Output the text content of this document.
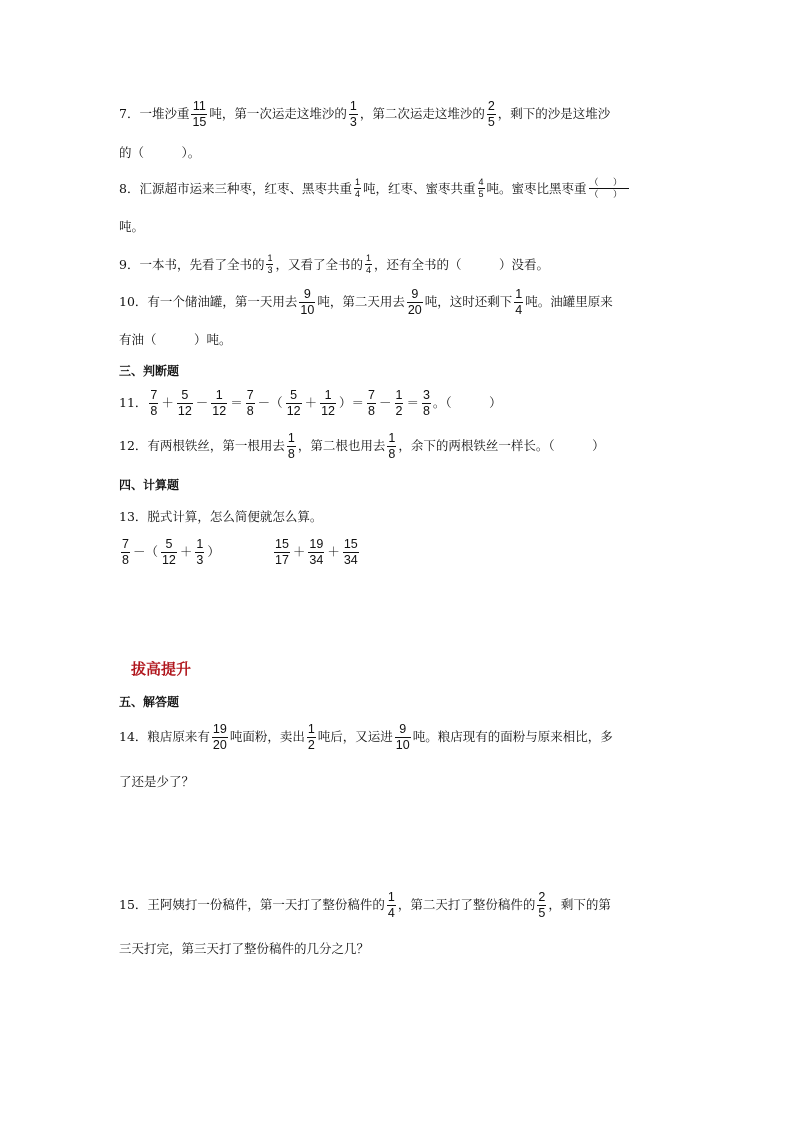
7．一堆沙重 $\frac{11}{15}$ 吨，第一次运走这堆沙的 $\frac{1}{3}$ ，第二次运走这堆沙的 $\frac{2}{5}$ ，剩下的沙是这堆沙
的（　　　）。
8．汇源超市运来三种枣，红枣、黑枣共重 $\frac{1}{4}$ 吨，红枣、蜜枣共重 $\frac{4}{5}$ 吨。蜜枣比黑枣重 $\frac{( )}{( )}$
吨。
9．一本书，先看了全书的 $\frac{1}{3}$ ，又看了全书的 $\frac{1}{4}$ ，还有全书的（　　　）没看。
10．有一个储油罐，第一天用去 $\frac{9}{10}$ 吨，第二天用去 $\frac{9}{20}$ 吨，这时还剩下 $\frac{1}{4}$ 吨。油罐里原来
有油（　　　）吨。
三、判断题
11． $\frac{7}{8} + \frac{5}{12} - \frac{1}{12} = \frac{7}{8}$ －（ $\frac{5}{12} + \frac{1}{12}$ ）＝ $\frac{7}{8} - \frac{1}{2} = \frac{3}{8}$ 。（　　　）
12．有两根铁丝，第一根用去 $\frac{1}{8}$ ，第二根也用去 $\frac{1}{8}$ ，余下的两根铁丝一样长。（　　　）
四、计算题
13．脱式计算，怎么简便就怎么算。
$\frac{7}{8}$ －（ $\frac{5}{12} + \frac{1}{3}$ ）	$\frac{15}{17} + \frac{19}{34} + \frac{15}{34}$
拔高提升
五、解答题
14．粮店原来有 $\frac{19}{20}$ 吨面粉，卖出 $\frac{1}{2}$ 吨后，又运进 $\frac{9}{10}$ 吨。粮店现有的面粉与原来相比，多
了还是少了？
15．王阿姨打一份稿件，第一天打了整份稿件的 $\frac{1}{4}$ ，第二天打了整份稿件的 $\frac{2}{5}$ ，剩下的第
三天打完，第三天打了整份稿件的几分之几？
